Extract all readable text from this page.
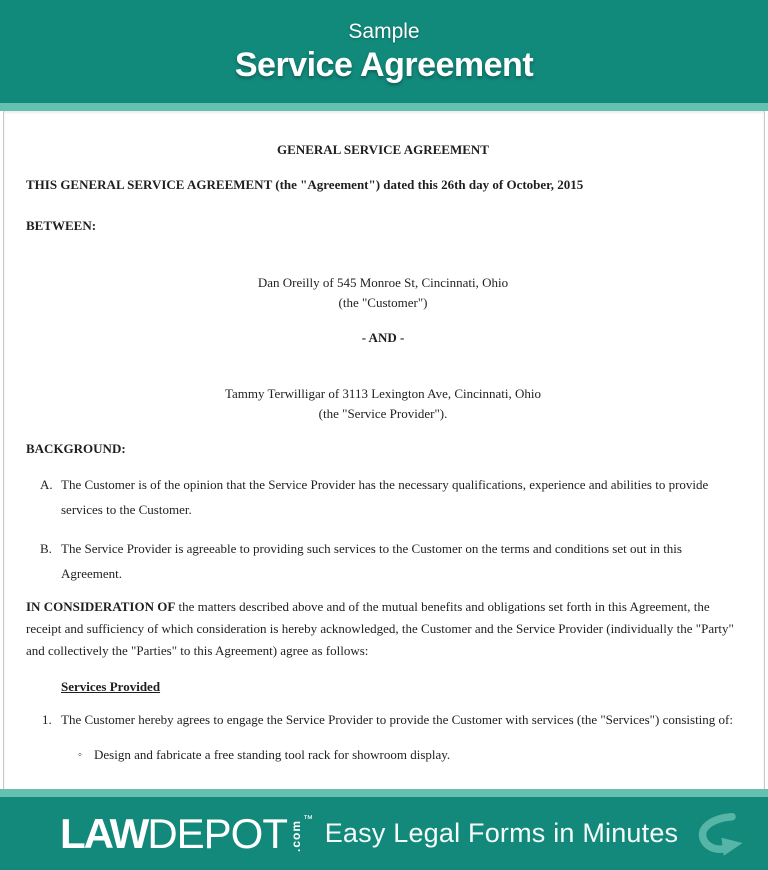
Sample
Service Agreement
GENERAL SERVICE AGREEMENT
THIS GENERAL SERVICE AGREEMENT (the "Agreement") dated this 26th day of October, 2015
BETWEEN:
Dan Oreilly of 545 Monroe St, Cincinnati, Ohio
(the "Customer")
- AND -
Tammy Terwilligar of 3113 Lexington Ave, Cincinnati, Ohio
(the "Service Provider").
BACKGROUND:
A. The Customer is of the opinion that the Service Provider has the necessary qualifications, experience and abilities to provide services to the Customer.
B. The Service Provider is agreeable to providing such services to the Customer on the terms and conditions set out in this Agreement.
IN CONSIDERATION OF the matters described above and of the mutual benefits and obligations set forth in this Agreement, the receipt and sufficiency of which consideration is hereby acknowledged, the Customer and the Service Provider (individually the "Party" and collectively the "Parties" to this Agreement) agree as follows:
Services Provided
1. The Customer hereby agrees to engage the Service Provider to provide the Customer with services (the "Services") consisting of:
◦ Design and fabricate a free standing tool rack for showroom display.
LAW DEPOT .com
™ Easy Legal Forms in Minutes
